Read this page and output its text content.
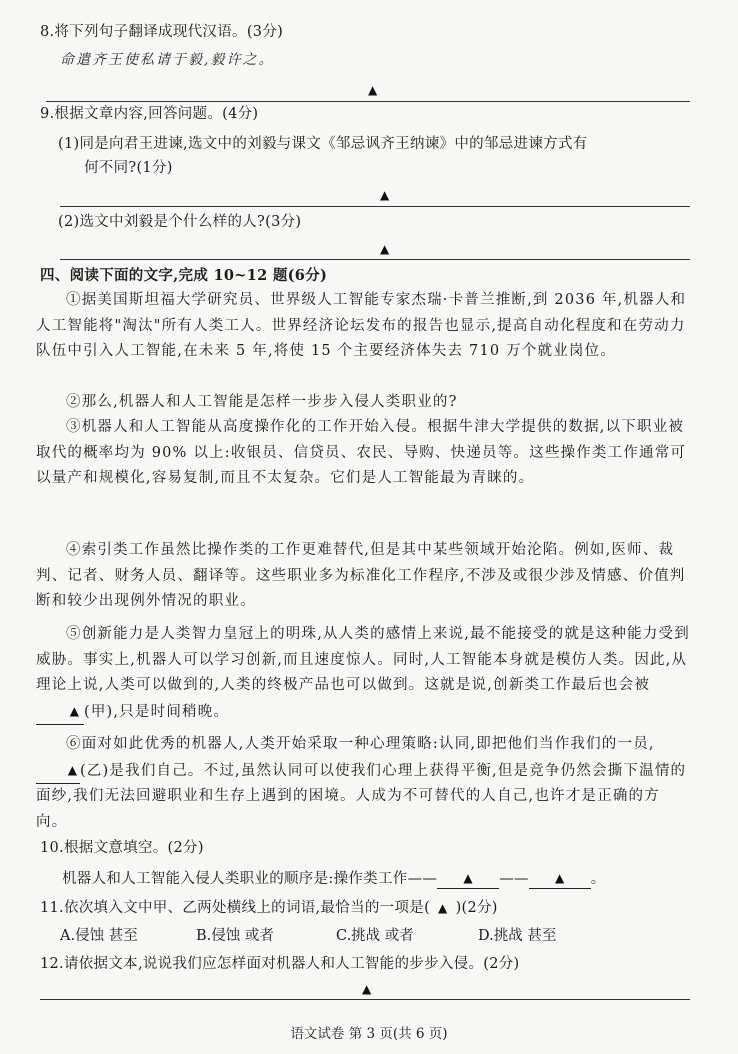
8.将下列句子翻译成现代汉语。(3分)
命遣齐王使私请于毅,毅许之。
▲
9.根据文章内容,回答问题。(4分)
(1)同是向君王进谏,选文中的刘毅与课文《邹忌讽齐王纳谏》中的邹忌进谏方式有
何不同?(1分)
▲
(2)选文中刘毅是个什么样的人?(3分)
▲
四、阅读下面的文字,完成 10~12 题(6分)
①据美国斯坦福大学研究员、世界级人工智能专家杰瑞·卡普兰推断,到 2036 年,机器人和人工智能将"淘汰"所有人类工人。世界经济论坛发布的报告也显示,提高自动化程度和在劳动力队伍中引入人工智能,在未来 5 年,将使 15 个主要经济体失去 710 万个就业岗位。
②那么,机器人和人工智能是怎样一步步入侵人类职业的?
③机器人和人工智能从高度操作化的工作开始入侵。根据牛津大学提供的数据,以下职业被取代的概率均为 90% 以上:收银员、信贷员、农民、导购、快递员等。这些操作类工作通常可以量产和规模化,容易复制,而且不太复杂。它们是人工智能最为青睐的。
④索引类工作虽然比操作类的工作更难替代,但是其中某些领域开始沦陷。例如,医师、裁判、记者、财务人员、翻译等。这些职业多为标准化工作程序,不涉及或很少涉及情感、价值判断和较少出现例外情况的职业。
⑤创新能力是人类智力皇冠上的明珠,从人类的感情上来说,最不能接受的就是这种能力受到威胁。事实上,机器人可以学习创新,而且速度惊人。同时,人工智能本身就是模仿人类。因此,从理论上说,人类可以做到的,人类的终极产品也可以做到。这就是说,创新类工作最后也会被▲ (甲),只是时间稍晚。
⑥面对如此优秀的机器人,人类开始采取一种心理策略:认同,即把他们当作我们的一员,▲ (乙)是我们自己。不过,虽然认同可以使我们心理上获得平衡,但是竞争仍然会撕下温情的面纱,我们无法回避职业和生存上遇到的困境。人成为不可替代的人自己,也许才是正确的方向。
10.根据文意填空。(2分)
机器人和人工智能入侵人类职业的顺序是:操作类工作—— ▲ —— ▲ 。
11.依次填入文中甲、乙两处横线上的词语,最恰当的一项是( ▲ )(2分)
A.侵蚀 甚至	B.侵蚀 或者	C.挑战 或者	D.挑战 甚至
12.请依据文本,说说我们应怎样面对机器人和人工智能的步步入侵。(2分)
▲
语文试卷 第 3 页(共 6 页)
